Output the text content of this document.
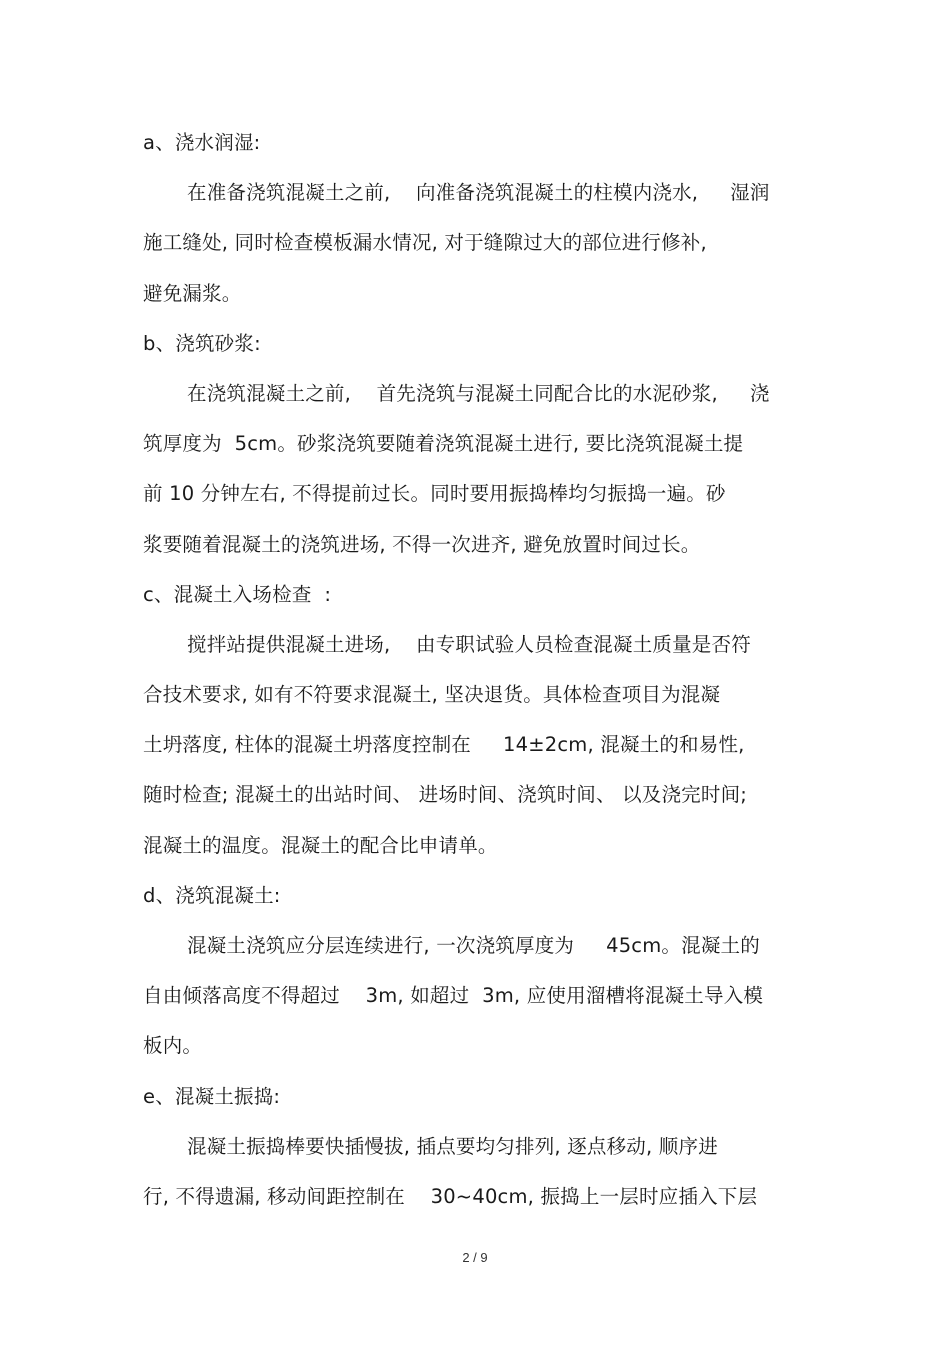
a、浇水润湿:
在准备浇筑混凝土之前,    向准备浇筑混凝土的柱模内浇水,     湿润
施工缝处, 同时检查模板漏水情况, 对于缝隙过大的部位进行修补,
避免漏浆。
b、浇筑砂浆:
在浇筑混凝土之前,    首先浇筑与混凝土同配合比的水泥砂浆,     浇
筑厚度为  5cm。砂浆浇筑要随着浇筑混凝土进行, 要比浇筑混凝土提
前 10 分钟左右, 不得提前过长。同时要用振捣棒均匀振捣一遍。砂
浆要随着混凝土的浇筑进场, 不得一次进齐, 避免放置时间过长。
c、混凝土入场检查  :
搅拌站提供混凝土进场,    由专职试验人员检查混凝土质量是否符
合技术要求, 如有不符要求混凝土, 坚决退货。具体检查项目为混凝
土坍落度, 柱体的混凝土坍落度控制在     14±2cm, 混凝土的和易性,
随时检查; 混凝土的出站时间、 进场时间、浇筑时间、 以及浇完时间;
混凝土的温度。混凝土的配合比申请单。
d、浇筑混凝土:
混凝土浇筑应分层连续进行, 一次浇筑厚度为     45cm。混凝土的
自由倾落高度不得超过    3m, 如超过  3m, 应使用溜槽将混凝土导入模
板内。
e、混凝土振捣:
混凝土振捣棒要快插慢拔, 插点要均匀排列, 逐点移动, 顺序进
行, 不得遗漏, 移动间距控制在    30~40cm, 振捣上一层时应插入下层
2 / 9
